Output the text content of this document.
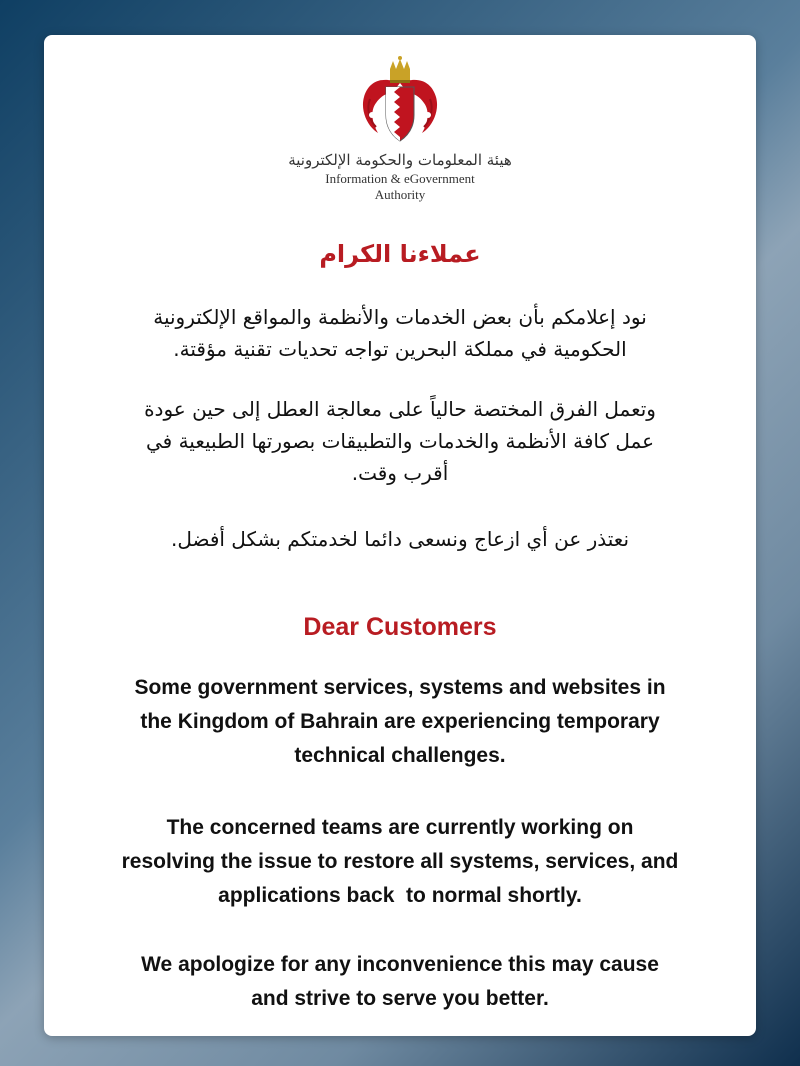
هيئة المعلومات والحكومة الإلكترونية
Information & eGovernment
Authority
عملاءنا الكرام
نود إعلامكم بأن بعض الخدمات والأنظمة والمواقع الإلكترونية
الحكومية في مملكة البحرين تواجه تحديات تقنية مؤقتة.
وتعمل الفرق المختصة حالياً على معالجة العطل إلى حين عودة
عمل كافة الأنظمة والخدمات والتطبيقات بصورتها الطبيعية في
أقرب وقت.
نعتذر عن أي ازعاج ونسعى دائما لخدمتكم بشكل أفضل.
Dear Customers
Some government services, systems and websites in
the Kingdom of Bahrain are experiencing temporary
technical challenges.
The concerned teams are currently working on
resolving the issue to restore all systems, services, and
applications back  to normal shortly.
We apologize for any inconvenience this may cause
and strive to serve you better.
